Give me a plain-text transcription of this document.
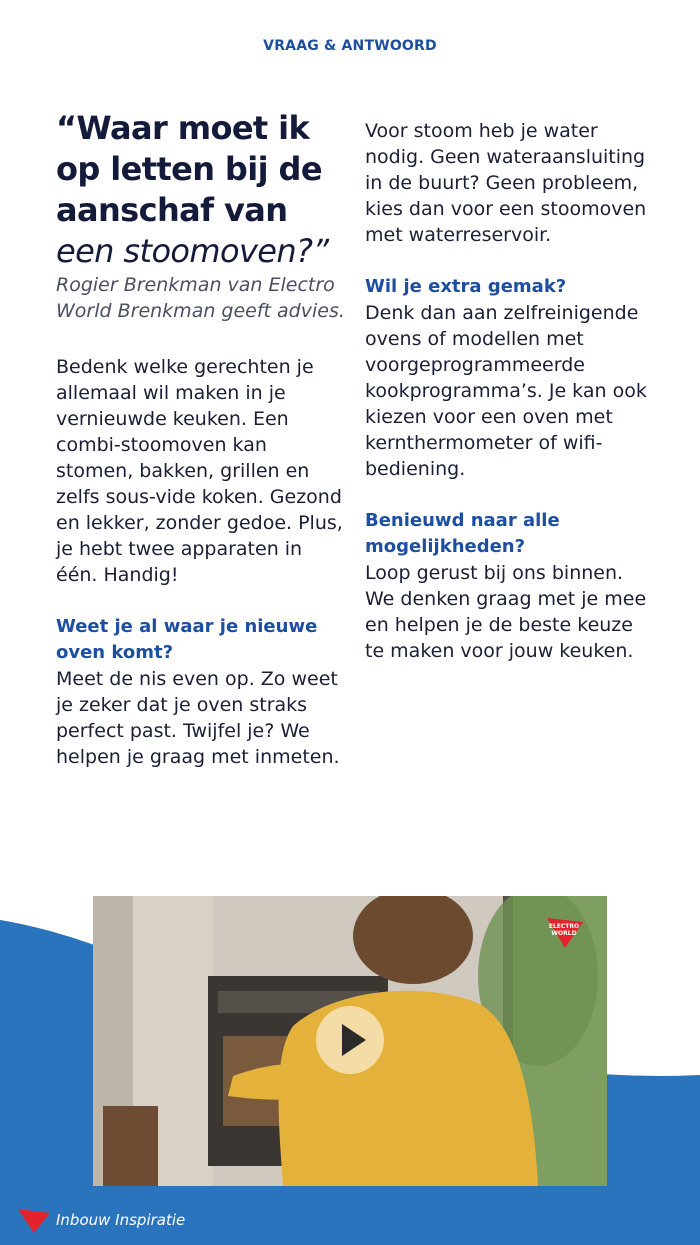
VRAAG & ANTWOORD
“Waar moet ik op letten bij de aanschaf van een stoomoven?”

Rogier Brenkman van Electro World Brenkman geeft advies.

Bedenk welke gerechten je allemaal wil maken in je vernieuwde keuken. Een combi-stoomoven kan stomen, bakken, grillen en zelfs sous-vide koken. Gezond en lekker, zonder gedoe. Plus, je hebt twee apparaten in één. Handig!

Weet je al waar je nieuwe oven komt?

Meet de nis even op. Zo weet je zeker dat je oven straks perfect past. Twijfel je? We helpen je graag met inmeten.

Voor stoom heb je water nodig. Geen wateraansluiting in de buurt? Geen probleem, kies dan voor een stoomoven met waterreservoir.

Wil je extra gemak?

Denk dan aan zelfreinigende ovens of modellen met voorgeprogrammeerde kookprogramma’s. Je kan ook kiezen voor een oven met kernthermometer of wifi-bediening.

Benieuwd naar alle mogelijkheden?

Loop gerust bij ons binnen. We denken graag met je mee en helpen je de beste keuze te maken voor jouw keuken.

ELECTRO
WORLD
Inbouw Inspiratie
